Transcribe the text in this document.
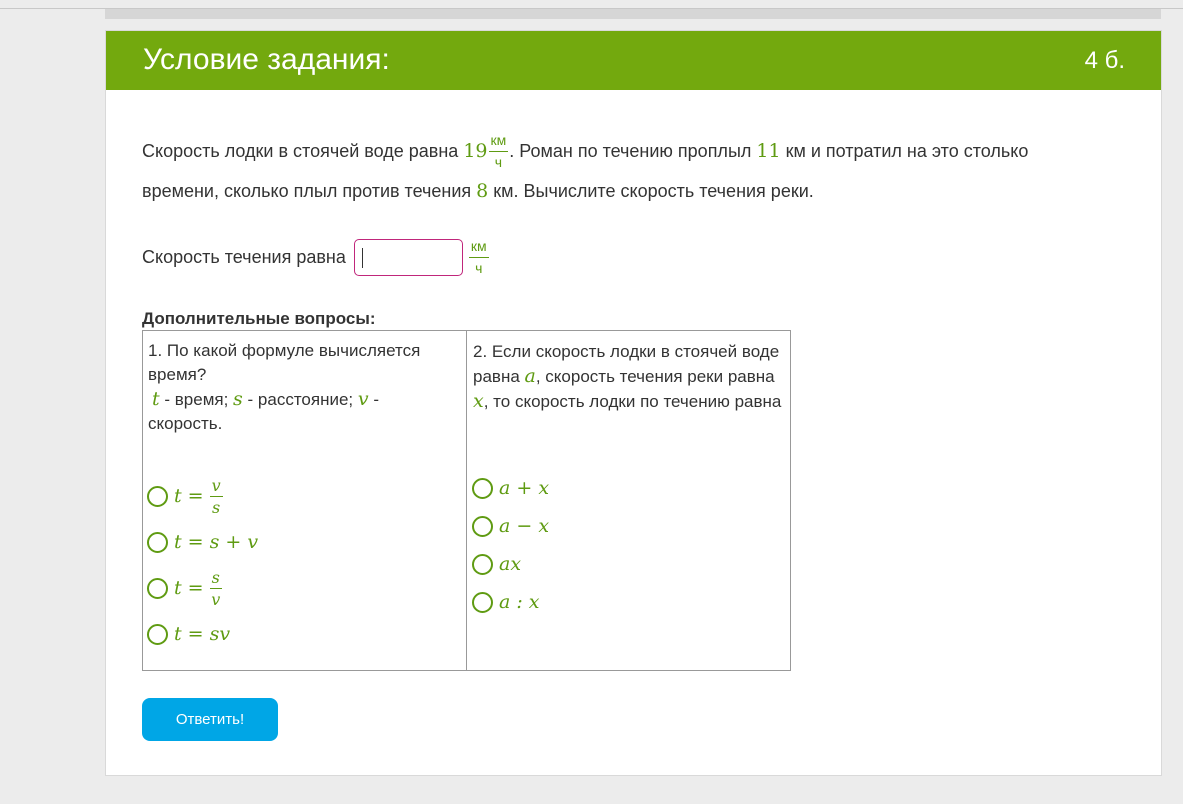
Условие задания:	4 б.
Скорость лодки в стоячей воде равна $19 \frac{км}{ч}$ . Роман по течению проплыл 11 км и потратил на это столько
времени, сколько плыл против течения 8 км. Вычислите скорость течения реки.
Скорость течения равна	$\frac{км}{ч}$
Дополнительные вопросы:
1. По какой формуле вычисляется время?
t - время; s - расстояние; v - скорость.
$t = \frac{v}{s}$
t = s + v
$t = \frac{s}{v}$
t = sv
2. Если скорость лодки в стоячей воде равна a, скорость течения реки равна x, то скорость лодки по течению равна
a + x
a − x
ax
a : x
Ответить!
